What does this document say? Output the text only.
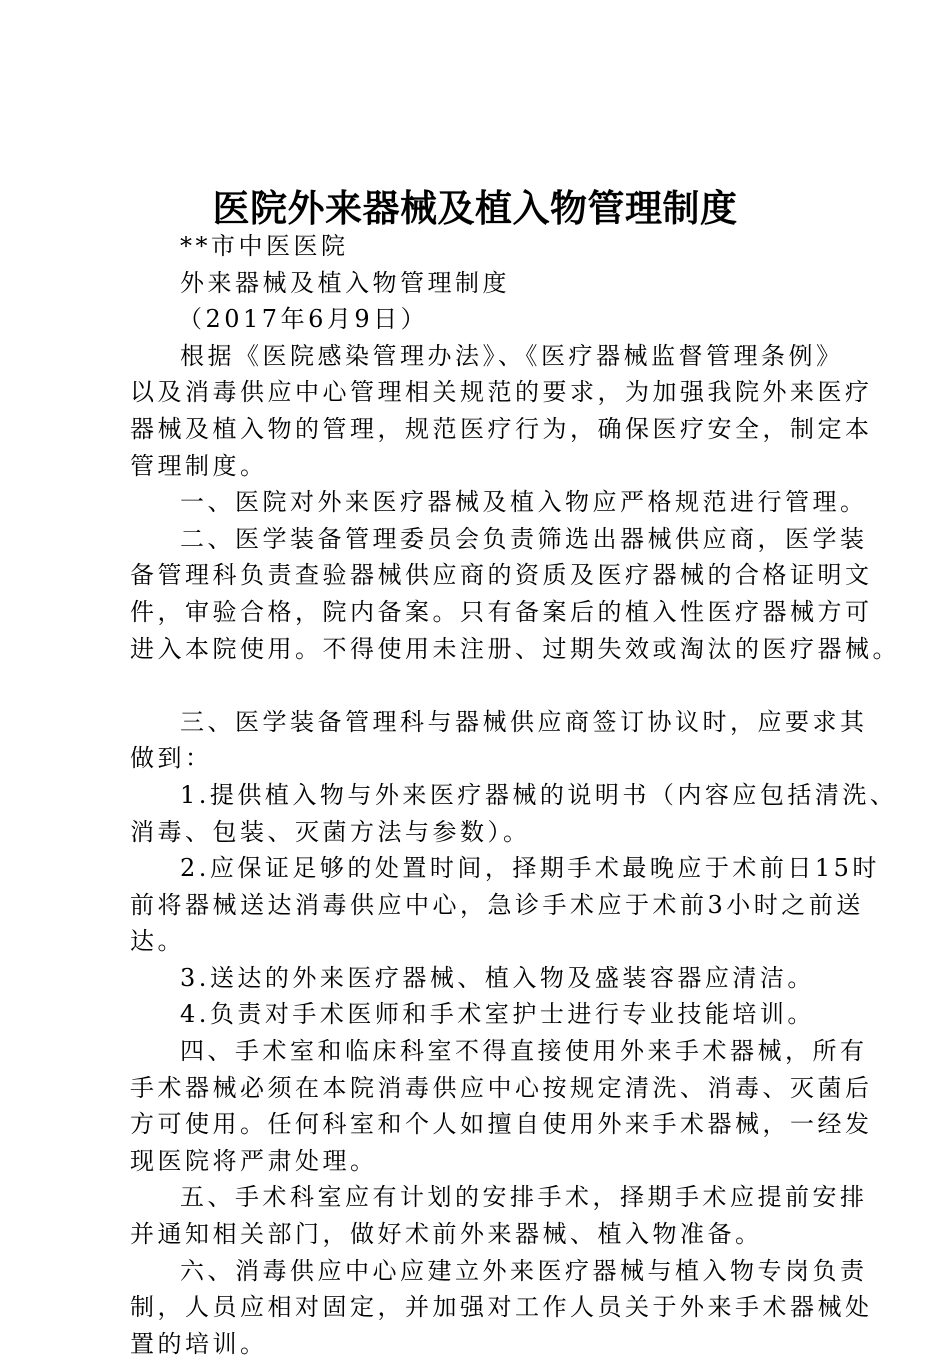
医院外来器械及植入物管理制度
**市中医医院
外来器械及植入物管理制度
（2017年6月9日）
根据《医院感染管理办法》、《医疗器械监督管理条例》
以及消毒供应中心管理相关规范的要求，为加强我院外来医疗
器械及植入物的管理，规范医疗行为，确保医疗安全，制定本
管理制度。
一、医院对外来医疗器械及植入物应严格规范进行管理。
二、医学装备管理委员会负责筛选出器械供应商，医学装
备管理科负责查验器械供应商的资质及医疗器械的合格证明文
件，审验合格，院内备案。只有备案后的植入性医疗器械方可
进入本院使用。不得使用未注册、过期失效或淘汰的医疗器械。
三、医学装备管理科与器械供应商签订协议时，应要求其
做到：
1.提供植入物与外来医疗器械的说明书（内容应包括清洗、
消毒、包装、灭菌方法与参数）。
2.应保证足够的处置时间，择期手术最晚应于术前日15时
前将器械送达消毒供应中心，急诊手术应于术前3小时之前送
达。
3.送达的外来医疗器械、植入物及盛装容器应清洁。
4.负责对手术医师和手术室护士进行专业技能培训。
四、手术室和临床科室不得直接使用外来手术器械，所有
手术器械必须在本院消毒供应中心按规定清洗、消毒、灭菌后
方可使用。任何科室和个人如擅自使用外来手术器械，一经发
现医院将严肃处理。
五、手术科室应有计划的安排手术，择期手术应提前安排
并通知相关部门，做好术前外来器械、植入物准备。
六、消毒供应中心应建立外来医疗器械与植入物专岗负责
制，人员应相对固定，并加强对工作人员关于外来手术器械处
置的培训。
